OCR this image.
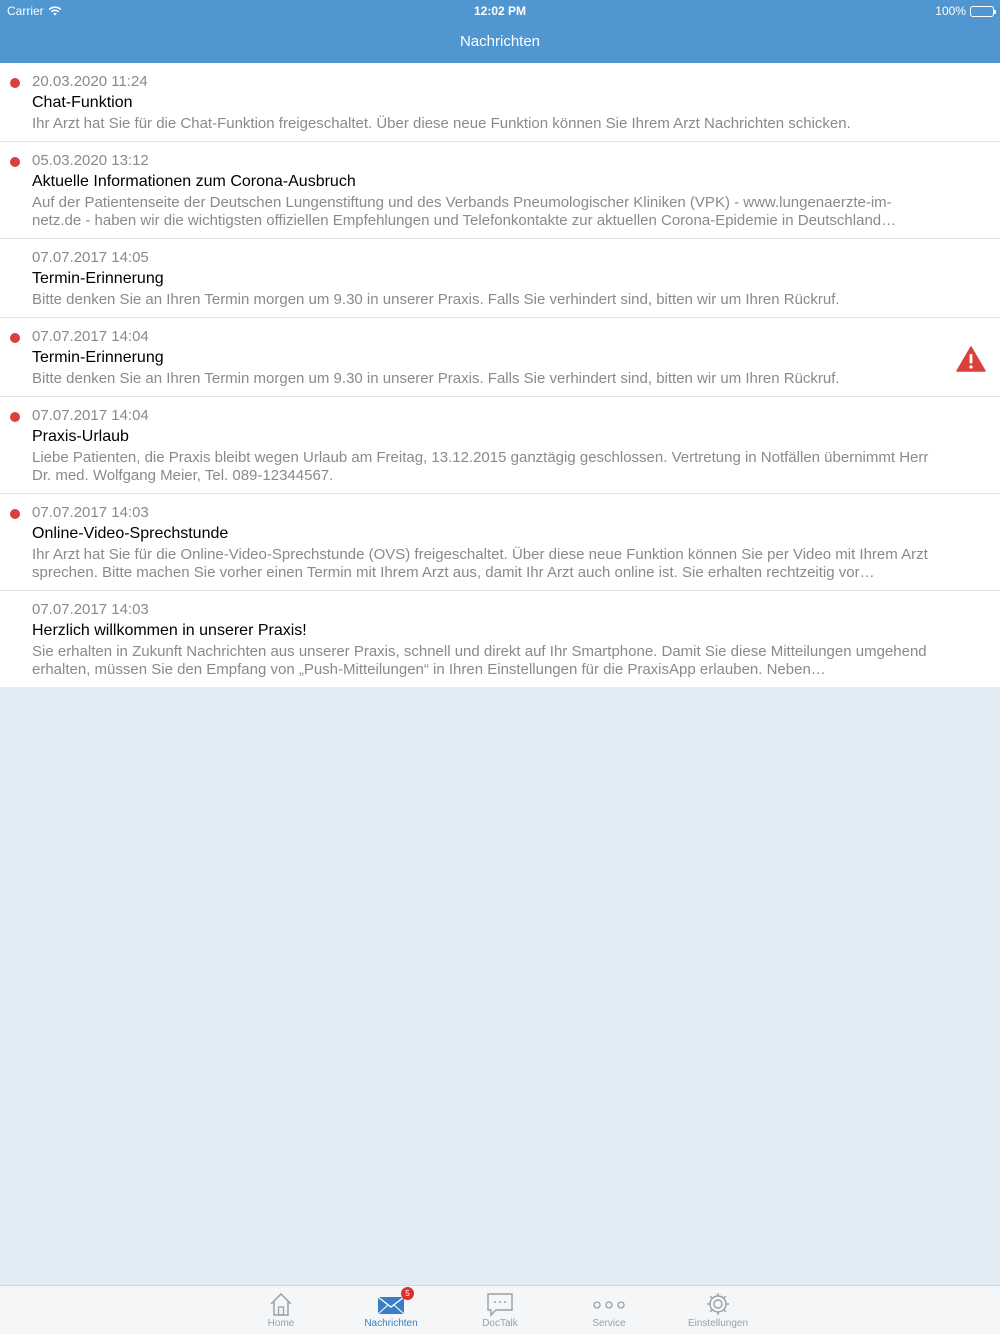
Carrier	12:02 PM	100%
Nachrichten
20.03.2020 11:24
Chat-Funktion
Ihr Arzt hat Sie für die Chat-Funktion freigeschaltet. Über diese neue Funktion können Sie Ihrem Arzt Nachrichten schicken.
05.03.2020 13:12
Aktuelle Informationen zum Corona-Ausbruch
Auf der Patientenseite der Deutschen Lungenstiftung und des Verbands Pneumologischer Kliniken (VPK) - www.lungenaerzte-im-netz.de - haben wir die wichtigsten offiziellen Empfehlungen und Telefonkontakte zur aktuellen Corona-Epidemie in Deutschland…
07.07.2017 14:05
Termin-Erinnerung
Bitte denken Sie an Ihren Termin morgen um 9.30 in unserer Praxis. Falls Sie verhindert sind, bitten wir um Ihren Rückruf.
07.07.2017 14:04
Termin-Erinnerung
Bitte denken Sie an Ihren Termin morgen um 9.30 in unserer Praxis. Falls Sie verhindert sind, bitten wir um Ihren Rückruf.
07.07.2017 14:04
Praxis-Urlaub
Liebe Patienten, die Praxis bleibt wegen Urlaub am Freitag, 13.12.2015 ganztägig geschlossen. Vertretung in Notfällen übernimmt Herr Dr. med. Wolfgang Meier, Tel. 089-12344567.
07.07.2017 14:03
Online-Video-Sprechstunde
Ihr Arzt hat Sie für die Online-Video-Sprechstunde (OVS) freigeschaltet. Über diese neue Funktion können Sie per Video mit Ihrem Arzt sprechen. Bitte machen Sie vorher einen Termin mit Ihrem Arzt aus, damit Ihr Arzt auch online ist. Sie erhalten rechtzeitig vor…
07.07.2017 14:03
Herzlich willkommen in unserer Praxis!
Sie erhalten in Zukunft Nachrichten aus unserer Praxis, schnell und direkt auf Ihr Smartphone. Damit Sie diese Mitteilungen umgehend erhalten, müssen Sie den Empfang von „Push-Mitteilungen“ in Ihren Einstellungen für die PraxisApp erlauben. Neben…
Home
5
Nachrichten	DocTalk	Service	Einstellungen
